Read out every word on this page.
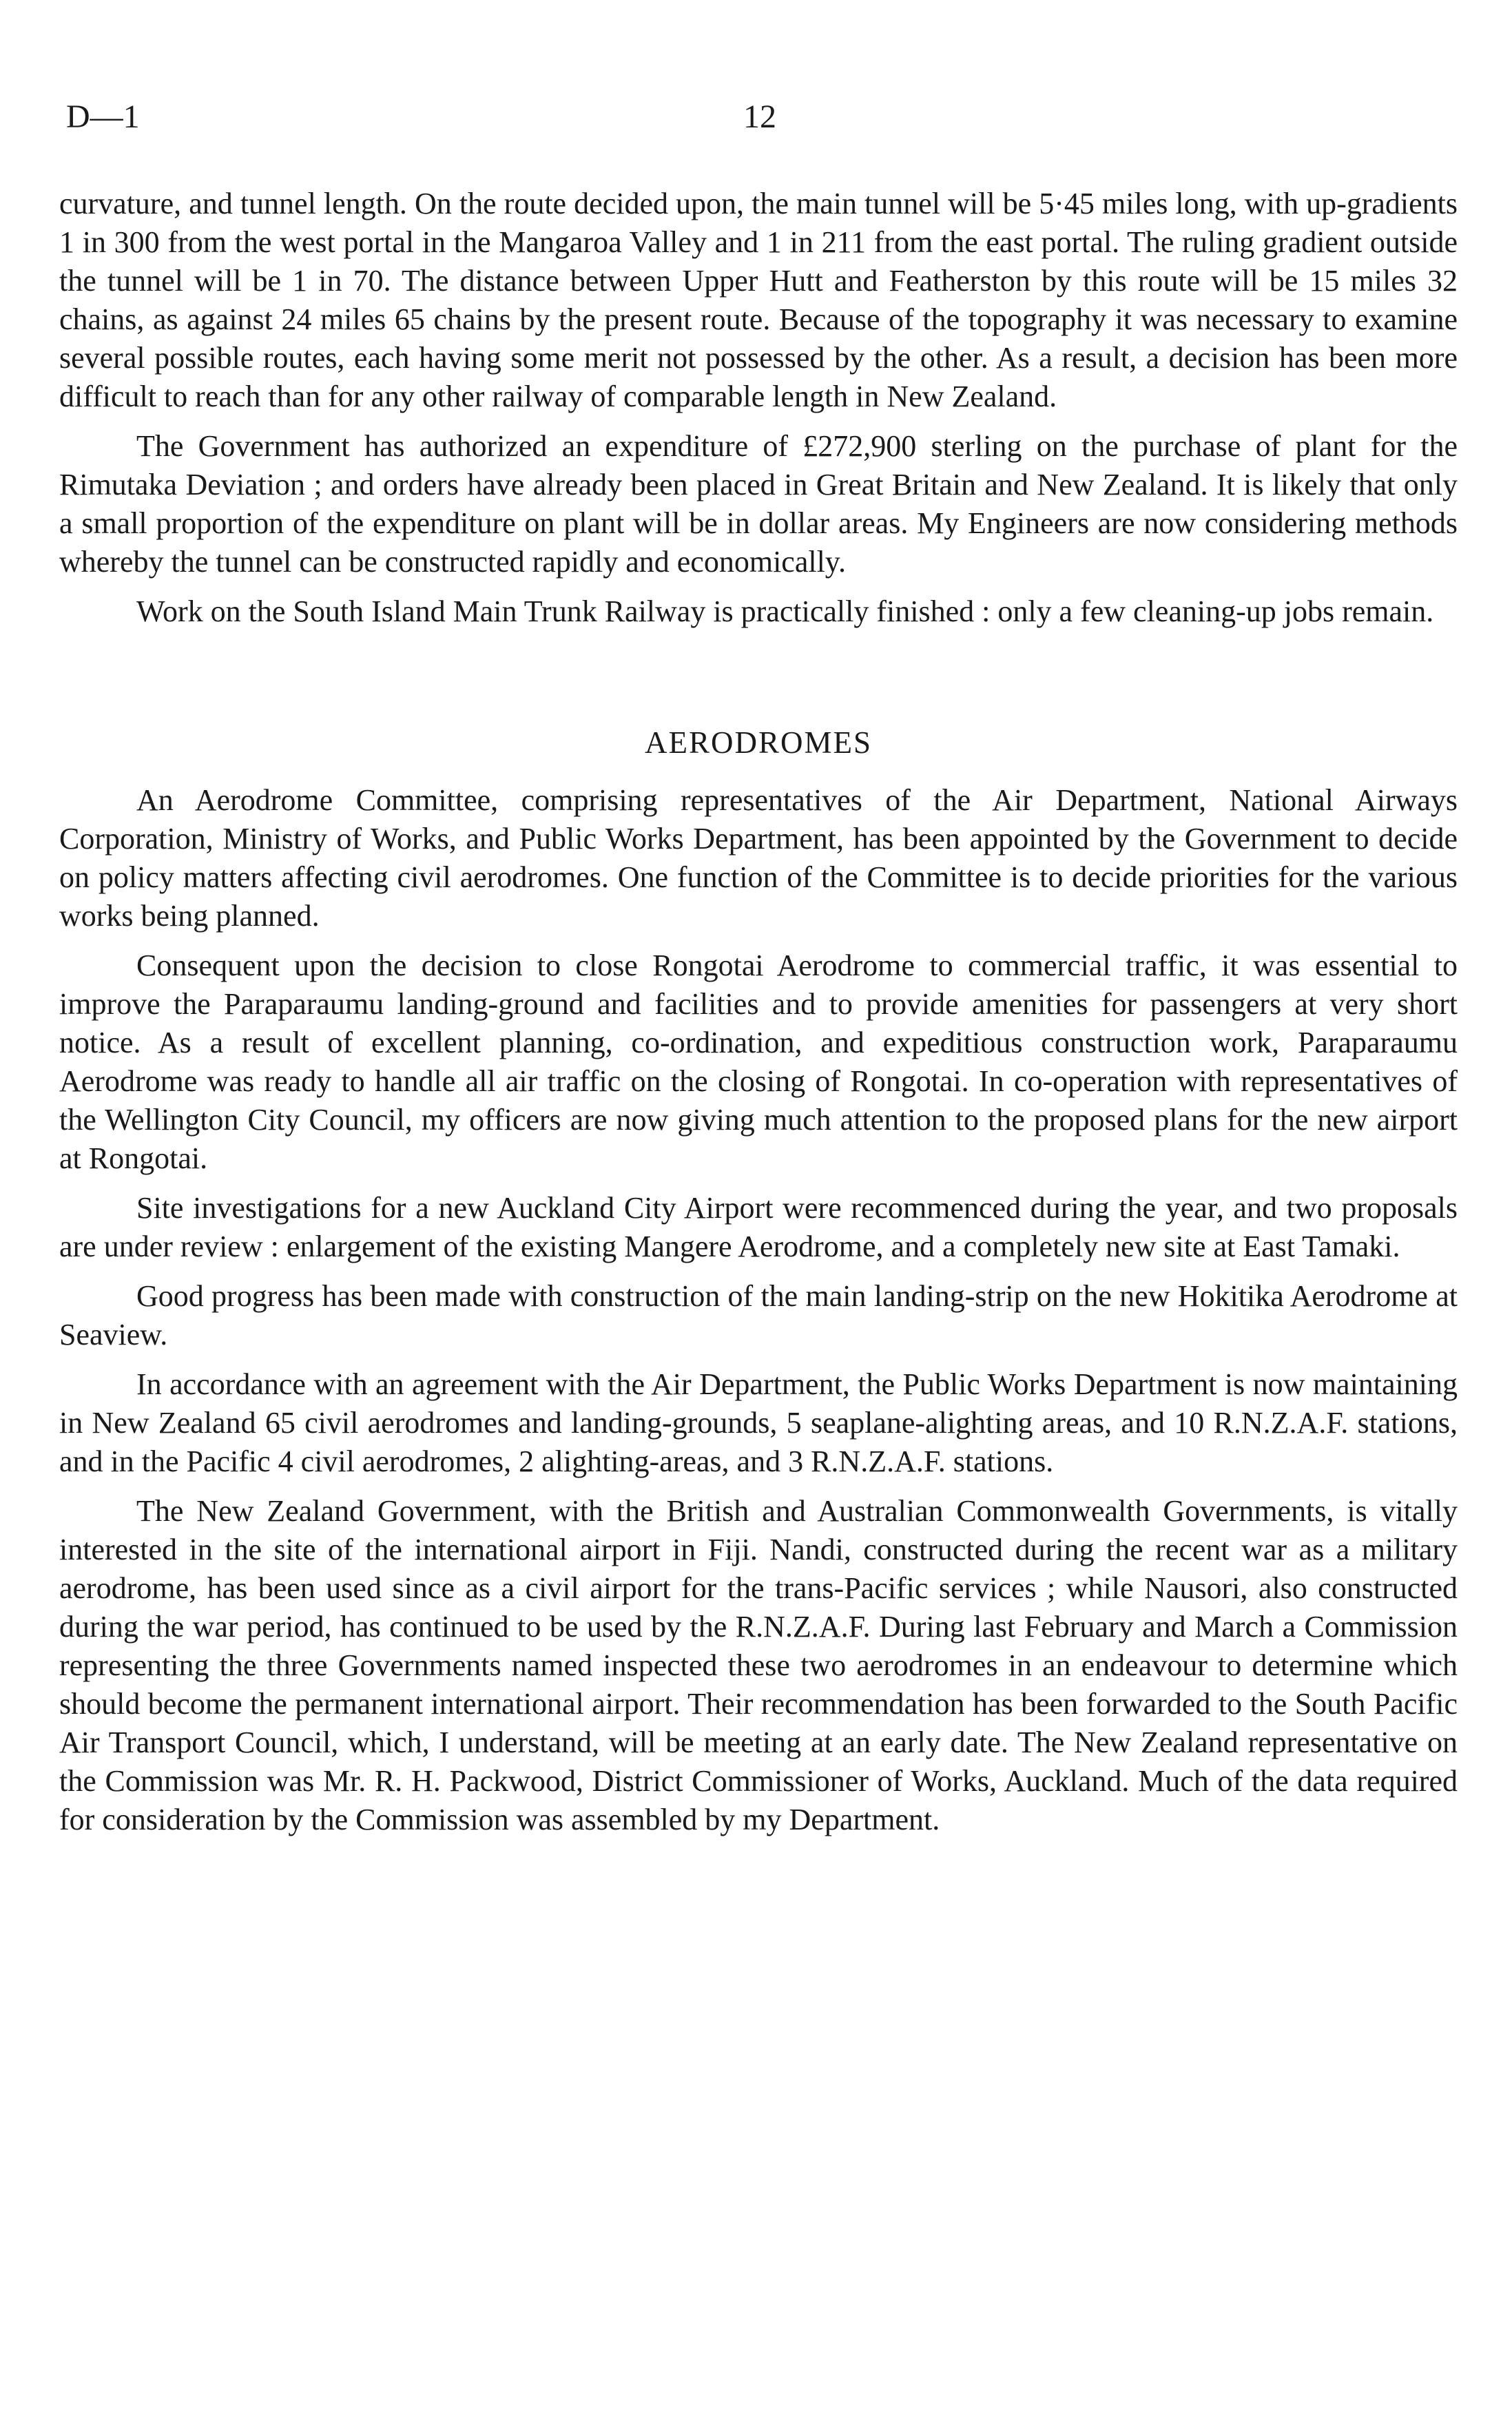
D—1	12

curvature, and tunnel length. On the route decided upon, the main tunnel will be 5·45 miles long, with up-gradients 1 in 300 from the west portal in the Mangaroa Valley and 1 in 211 from the east portal. The ruling gradient outside the tunnel will be 1 in 70. The distance between Upper Hutt and Featherston by this route will be 15 miles 32 chains, as against 24 miles 65 chains by the present route. Because of the topography it was necessary to examine several possible routes, each having some merit not possessed by the other. As a result, a decision has been more difficult to reach than for any other railway of comparable length in New Zealand.

The Government has authorized an expenditure of £272,900 sterling on the purchase of plant for the Rimutaka Deviation ; and orders have already been placed in Great Britain and New Zealand. It is likely that only a small proportion of the expenditure on plant will be in dollar areas. My Engineers are now considering methods whereby the tunnel can be constructed rapidly and economically.

Work on the South Island Main Trunk Railway is practically finished : only a few cleaning-up jobs remain.

AERODROMES

An Aerodrome Committee, comprising representatives of the Air Department, National Airways Corporation, Ministry of Works, and Public Works Department, has been appointed by the Government to decide on policy matters affecting civil aerodromes. One function of the Committee is to decide priorities for the various works being planned.

Consequent upon the decision to close Rongotai Aerodrome to commercial traffic, it was essential to improve the Paraparaumu landing-ground and facilities and to provide amenities for passengers at very short notice. As a result of excellent planning, co-ordination, and expeditious construction work, Paraparaumu Aerodrome was ready to handle all air traffic on the closing of Rongotai. In co-operation with representatives of the Wellington City Council, my officers are now giving much attention to the proposed plans for the new airport at Rongotai.

Site investigations for a new Auckland City Airport were recommenced during the year, and two proposals are under review : enlargement of the existing Mangere Aerodrome, and a completely new site at East Tamaki.

Good progress has been made with construction of the main landing-strip on the new Hokitika Aerodrome at Seaview.

In accordance with an agreement with the Air Department, the Public Works Department is now maintaining in New Zealand 65 civil aerodromes and landing-grounds, 5 seaplane-alighting areas, and 10 R.N.Z.A.F. stations, and in the Pacific 4 civil aerodromes, 2 alighting-areas, and 3 R.N.Z.A.F. stations.

The New Zealand Government, with the British and Australian Commonwealth Governments, is vitally interested in the site of the international airport in Fiji. Nandi, constructed during the recent war as a military aerodrome, has been used since as a civil airport for the trans-Pacific services ; while Nausori, also constructed during the war period, has continued to be used by the R.N.Z.A.F. During last February and March a Commission representing the three Governments named inspected these two aerodromes in an endeavour to determine which should become the permanent international airport. Their recommendation has been forwarded to the South Pacific Air Transport Council, which, I understand, will be meeting at an early date. The New Zealand representative on the Commission was Mr. R. H. Packwood, District Commissioner of Works, Auckland. Much of the data required for consideration by the Commission was assembled by my Department.
